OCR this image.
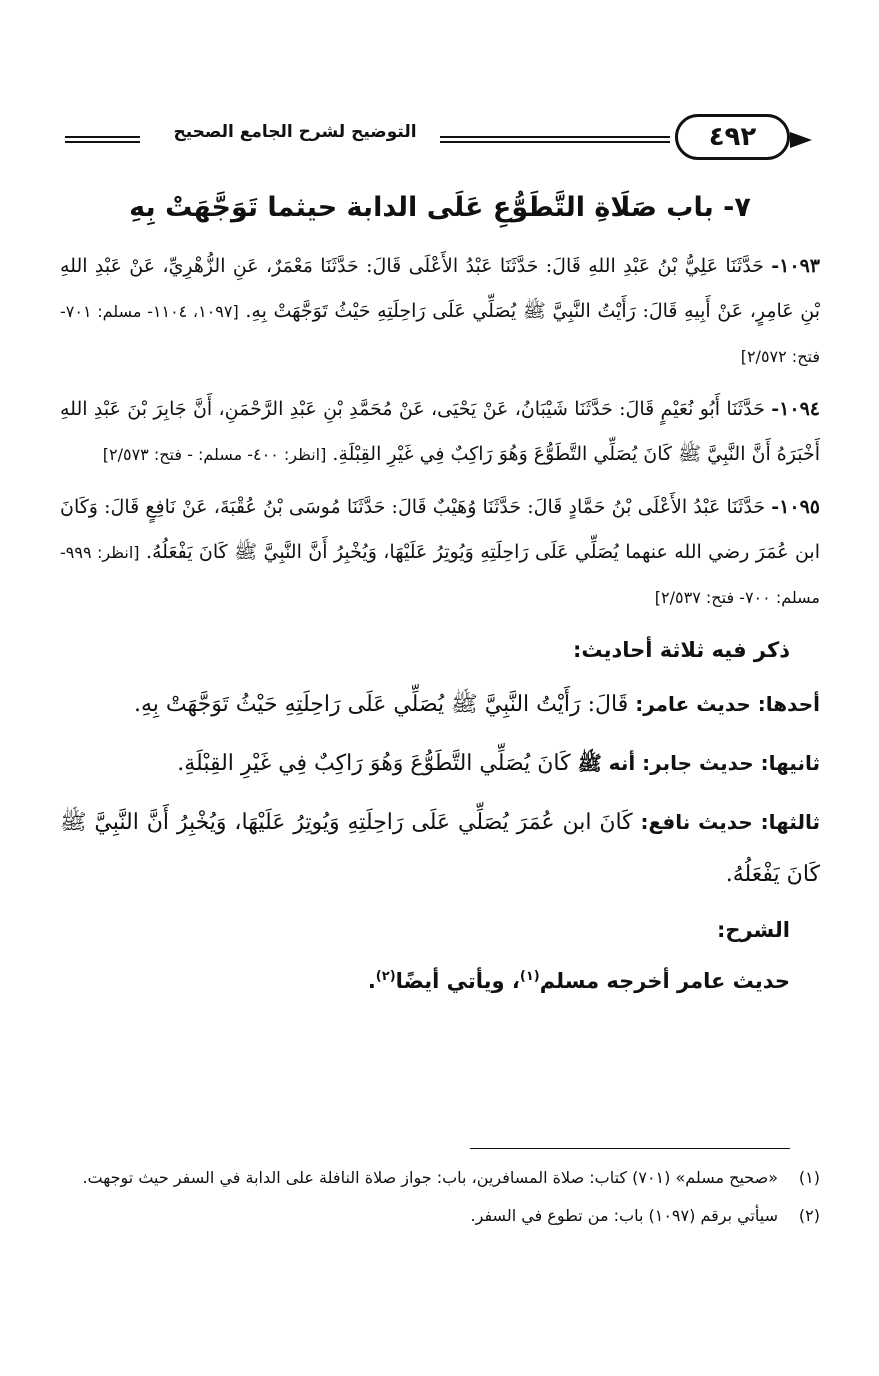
التوضيح لشرح الجامع الصحيح	٤٩٢
٧- باب صَلَاةِ التَّطَوُّعِ عَلَى الدابة حيثما تَوَجَّهَتْ بِهِ

١٠٩٣- حَدَّثَنَا عَلِيُّ بْنُ عَبْدِ اللهِ قَالَ: حَدَّثَنَا عَبْدُ الأَعْلَى قَالَ: حَدَّثَنَا مَعْمَرٌ، عَنِ الزُّهْرِيِّ، عَنْ عَبْدِ اللهِ بْنِ عَامِرٍ، عَنْ أَبِيهِ قَالَ: رَأَيْتُ النَّبِيَّ ﷺ يُصَلِّي عَلَى رَاحِلَتِهِ حَيْثُ تَوَجَّهَتْ بِهِ. [١٠٩٧، ١١٠٤- مسلم: ٧٠١- فتح: ٢/٥٧٢]

١٠٩٤- حَدَّثَنَا أَبُو نُعَيْمٍ قَالَ: حَدَّثَنَا شَيْبَانُ، عَنْ يَحْيَى، عَنْ مُحَمَّدِ بْنِ عَبْدِ الرَّحْمَنِ، أَنَّ جَابِرَ بْنَ عَبْدِ اللهِ أَخْبَرَهُ أَنَّ النَّبِيَّ ﷺ كَانَ يُصَلِّي التَّطَوُّعَ وَهُوَ رَاكِبٌ فِي غَيْرِ القِبْلَةِ. [انظر: ٤٠٠- مسلم: - فتح: ٢/٥٧٣]

١٠٩٥- حَدَّثَنَا عَبْدُ الأَعْلَى بْنُ حَمَّادٍ قَالَ: حَدَّثَنَا وُهَيْبٌ قَالَ: حَدَّثَنَا مُوسَى بْنُ عُقْبَةَ، عَنْ نَافِعٍ قَالَ: وَكَانَ ابن عُمَرَ رضي الله عنهما يُصَلِّي عَلَى رَاحِلَتِهِ وَيُوتِرُ عَلَيْهَا، وَيُخْبِرُ أَنَّ النَّبِيَّ ﷺ كَانَ يَفْعَلُهُ. [انظر: ٩٩٩- مسلم: ٧٠٠- فتح: ٢/٥٣٧]

ذكر فيه ثلاثة أحاديث:

أحدها: حديث عامر: قَالَ: رَأَيْتُ النَّبِيَّ ﷺ يُصَلِّي عَلَى رَاحِلَتِهِ حَيْثُ تَوَجَّهَتْ بِهِ.

ثانيها: حديث جابر: أنه ﷺ كَانَ يُصَلِّي التَّطَوُّعَ وَهُوَ رَاكِبٌ فِي غَيْرِ القِبْلَةِ.

ثالثها: حديث نافع: كَانَ ابن عُمَرَ يُصَلِّي عَلَى رَاحِلَتِهِ وَيُوتِرُ عَلَيْهَا، وَيُخْبِرُ أَنَّ النَّبِيَّ ﷺ كَانَ يَفْعَلُهُ.

الشرح:

حديث عامر أخرجه مسلم$^{(١)}$، ويأتي أيضًا$^{(٢)}$.

(١)
«صحيح مسلم» (٧٠١) كتاب: صلاة المسافرين، باب: جواز صلاة النافلة على الدابة في السفر حيث توجهت.
(٢)
سيأتي برقم (١٠٩٧) باب: من تطوع في السفر.
